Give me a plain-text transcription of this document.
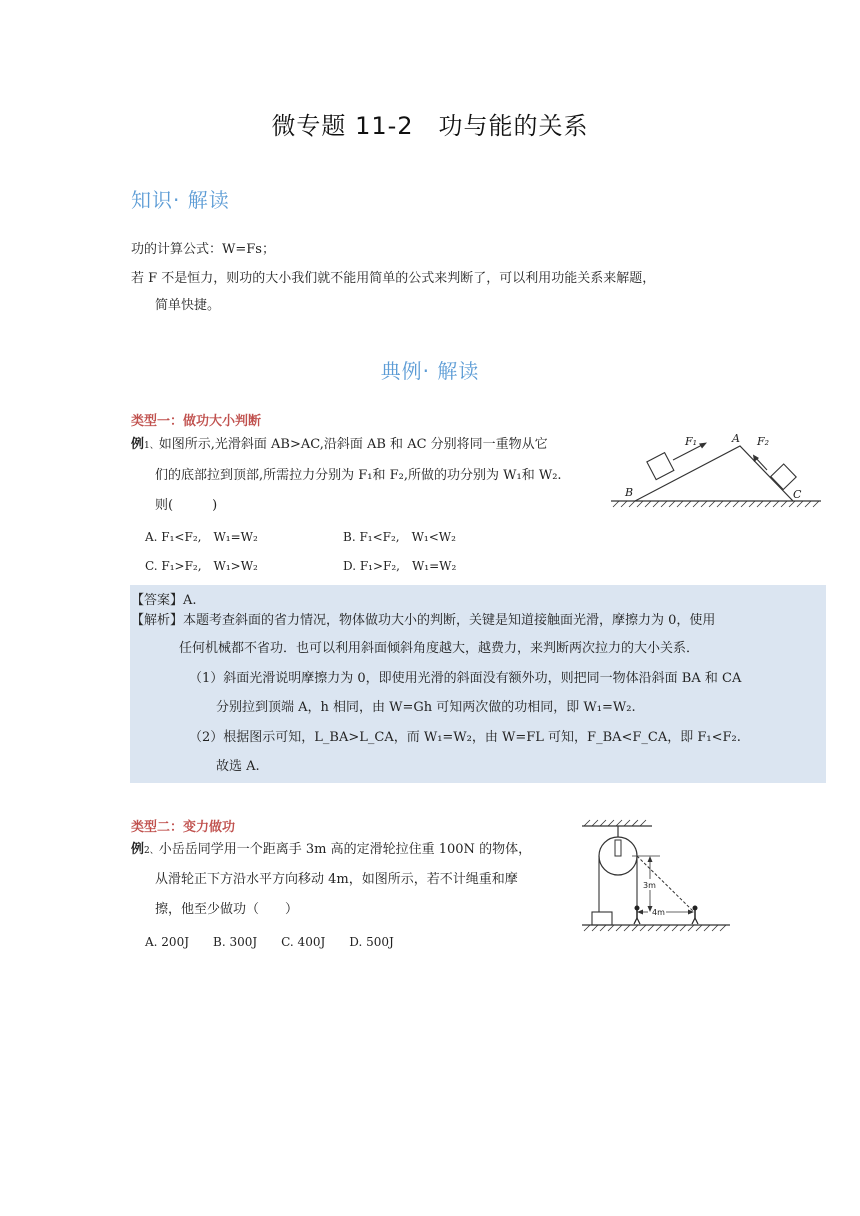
微专题 11-2　功与能的关系
知识· 解读
功的计算公式：W=Fs；
若 F 不是恒力，则功的大小我们就不能用简单的公式来判断了，可以利用功能关系来解题，
简单快捷。
典例· 解读
类型一：做功大小判断
例1、如图所示,光滑斜面 AB>AC,沿斜面 AB 和 AC 分别将同一重物从它
们的底部拉到顶部,所需拉力分别为 F₁和 F₂,所做的功分别为 W₁和 W₂.
则(　　　)
A. F₁<F₂,　W₁=W₂	B. F₁<F₂,　W₁<W₂
C. F₁>F₂,　W₁>W₂	D. F₁>F₂,　W₁=W₂
F₁	F₂
A
B	C
【答案】A.
【解析】本题考查斜面的省力情况，物体做功大小的判断，关键是知道接触面光滑，摩擦力为 0，使用
任何机械都不省功．也可以利用斜面倾斜角度越大，越费力，来判断两次拉力的大小关系．
（1）斜面光滑说明摩擦力为 0，即使用光滑的斜面没有额外功，则把同一物体沿斜面 BA 和 CA
分别拉到顶端 A，h 相同，由 W=Gh 可知两次做的功相同，即 W₁=W₂.
（2）根据图示可知，L_BA>L_CA，而 W₁=W₂，由 W=FL 可知，F_BA<F_CA，即 F₁<F₂.
故选 A.
类型二：变力做功
例2、小岳岳同学用一个距离手 3m 高的定滑轮拉住重 100N 的物体，
从滑轮正下方沿水平方向移动 4m，如图所示，若不计绳重和摩
擦，他至少做功（　　）
A. 200J　　B. 300J　　C. 400J　　D. 500J
3m
4m
